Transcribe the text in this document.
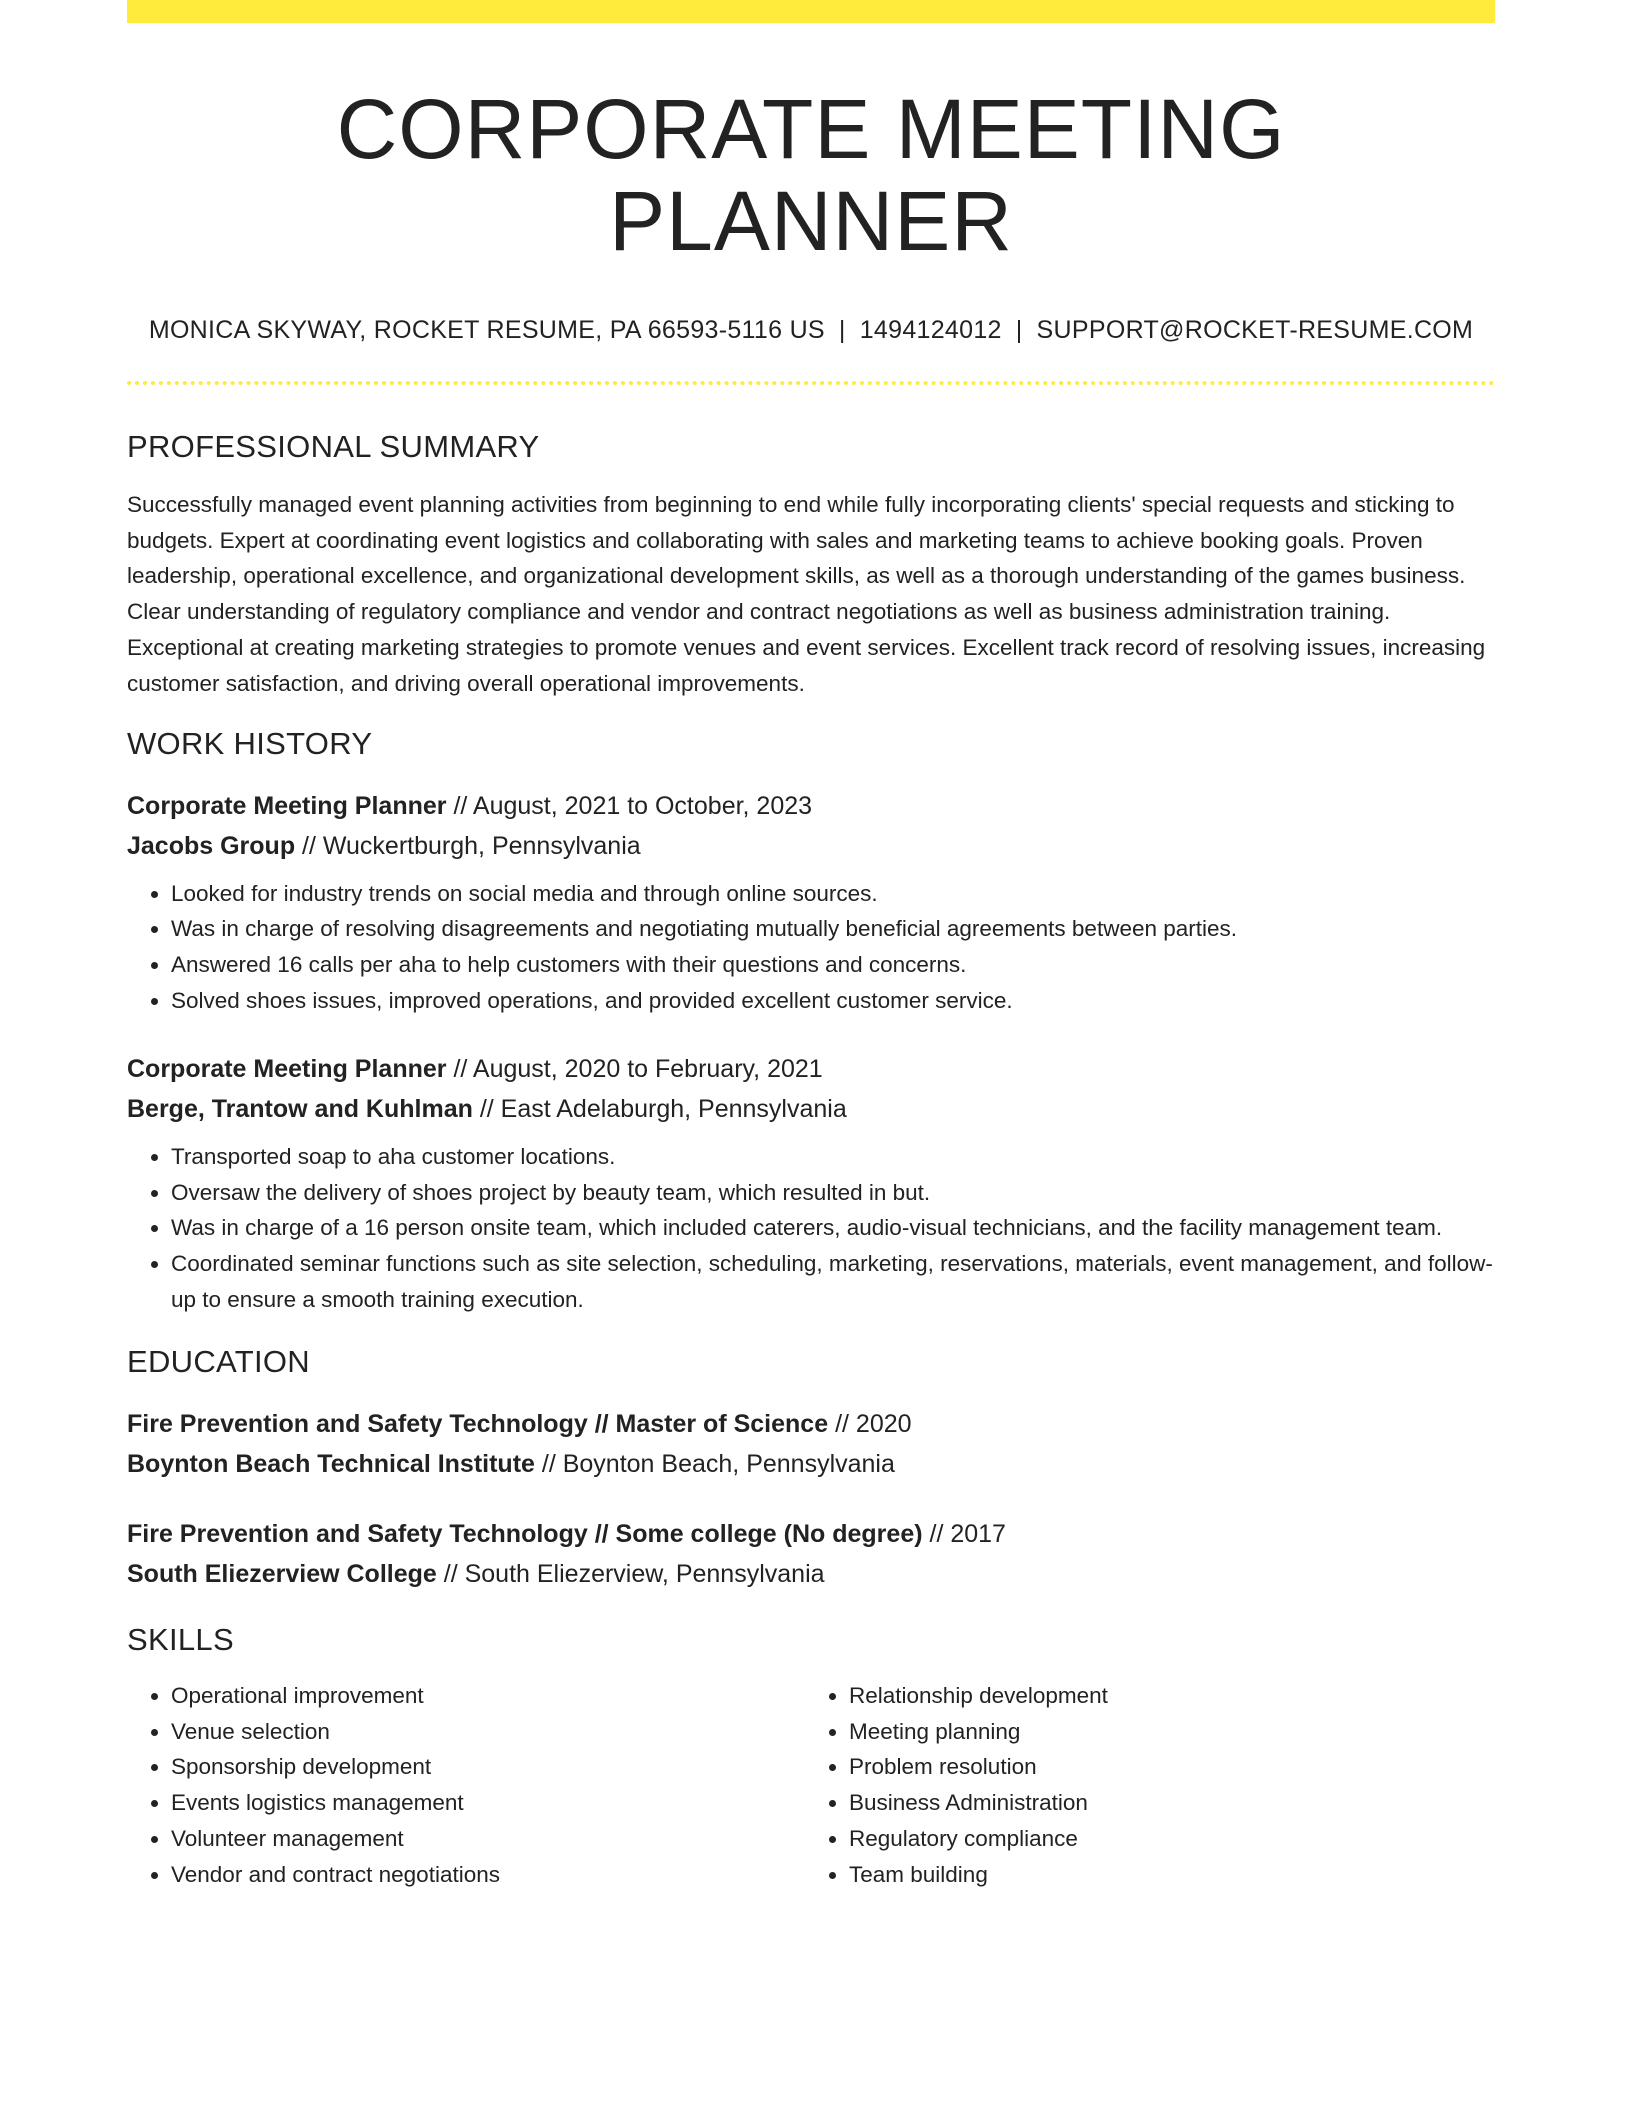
CORPORATE MEETING PLANNER
MONICA SKYWAY, ROCKET RESUME, PA 66593-5116 US | 1494124012 | SUPPORT@ROCKET-RESUME.COM
PROFESSIONAL SUMMARY

Successfully managed event planning activities from beginning to end while fully incorporating clients' special requests and sticking to budgets. Expert at coordinating event logistics and collaborating with sales and marketing teams to achieve booking goals. Proven leadership, operational excellence, and organizational development skills, as well as a thorough understanding of the games business. Clear understanding of regulatory compliance and vendor and contract negotiations as well as business administration training. Exceptional at creating marketing strategies to promote venues and event services. Excellent track record of resolving issues, increasing customer satisfaction, and driving overall operational improvements.

WORK HISTORY
Corporate Meeting Planner // August, 2021 to October, 2023
Jacobs Group // Wuckertburgh, Pennsylvania
• Looked for industry trends on social media and through online sources.
• Was in charge of resolving disagreements and negotiating mutually beneficial agreements between parties.
• Answered 16 calls per aha to help customers with their questions and concerns.
• Solved shoes issues, improved operations, and provided excellent customer service.
Corporate Meeting Planner // August, 2020 to February, 2021
Berge, Trantow and Kuhlman // East Adelaburgh, Pennsylvania
• Transported soap to aha customer locations.
• Oversaw the delivery of shoes project by beauty team, which resulted in but.
• Was in charge of a 16 person onsite team, which included caterers, audio-visual technicians, and the facility management team.
• Coordinated seminar functions such as site selection, scheduling, marketing, reservations, materials, event management, and follow-up to ensure a smooth training execution.
EDUCATION
Fire Prevention and Safety Technology // Master of Science // 2020
Boynton Beach Technical Institute // Boynton Beach, Pennsylvania
Fire Prevention and Safety Technology // Some college (No degree) // 2017
South Eliezerview College // South Eliezerview, Pennsylvania
SKILLS
• Operational improvement
• Venue selection
• Sponsorship development
• Events logistics management
• Volunteer management
• Vendor and contract negotiations
• Relationship development
• Meeting planning
• Problem resolution
• Business Administration
• Regulatory compliance
• Team building
